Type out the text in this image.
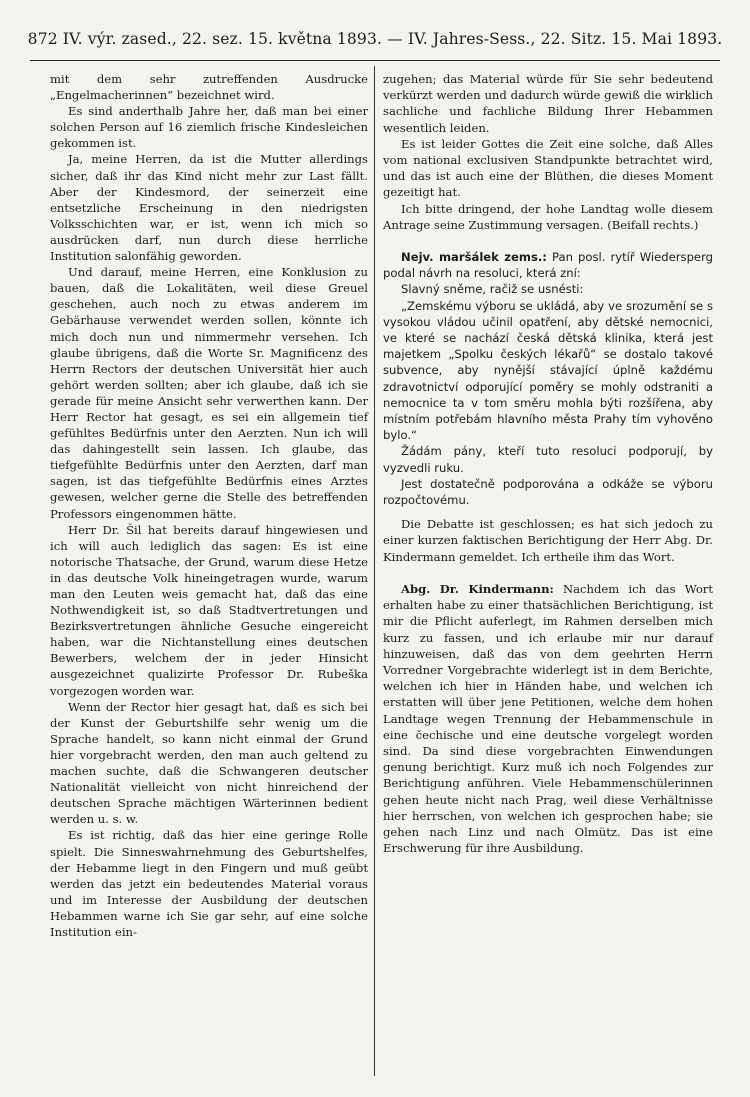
872 IV. výr. zased., 22. sez. 15. května 1893. — IV. Jahres-Sess., 22. Sitz. 15. Mai 1893.

mit dem sehr zutreffenden Ausdrucke „Engelmacherinnen“ bezeichnet wird.

Es sind anderthalb Jahre her, daß man bei einer solchen Person auf 16 ziemlich frische Kindesleichen gekommen ist.

Ja, meine Herren, da ist die Mutter allerdings sicher, daß ihr das Kind nicht mehr zur Last fällt. Aber der Kindesmord, der seinerzeit eine entsetzliche Erscheinung in den niedrigsten Volksschichten war, er ist, wenn ich mich so ausdrücken darf, nun durch diese herrliche Institution salonfähig geworden.

Und darauf, meine Herren, eine Konklusion zu bauen, daß die Lokalitäten, weil diese Greuel geschehen, auch noch zu etwas anderem im Gebärhause verwendet werden sollen, könnte ich mich doch nun und nimmermehr versehen. Ich glaube übrigens, daß die Worte Sr. Magnificenz des Herrn Rectors der deutschen Universität hier auch gehört werden sollten; aber ich glaube, daß ich sie gerade für meine Ansicht sehr verwerthen kann. Der Herr Rector hat gesagt, es sei ein allgemein tief gefühltes Bedürfnis unter den Aerzten. Nun ich will das dahingestellt sein lassen. Ich glaube, das tiefgefühlte Bedürfnis unter den Aerzten, darf man sagen, ist das tiefgefühlte Bedürfnis eines Arztes gewesen, welcher gerne die Stelle des betreffenden Professors eingenommen hätte.

Herr Dr. Šil hat bereits darauf hingewiesen und ich will auch lediglich das sagen: Es ist eine notorische Thatsache, der Grund, warum diese Hetze in das deutsche Volk hineingetragen wurde, warum man den Leuten weis gemacht hat, daß das eine Nothwendigkeit ist, so daß Stadtvertretungen und Bezirksvertretungen ähnliche Gesuche eingereicht haben, war die Nichtanstellung eines deutschen Bewerbers, welchem der in jeder Hinsicht ausgezeichnet qualizirte Professor Dr. Rubeška vorgezogen worden war.

Wenn der Rector hier gesagt hat, daß es sich bei der Kunst der Geburtshilfe sehr wenig um die Sprache handelt, so kann nicht einmal der Grund hier vorgebracht werden, den man auch geltend zu machen suchte, daß die Schwangeren deutscher Nationalität vielleicht von nicht hinreichend der deutschen Sprache mächtigen Wärterinnen bedient werden u. s. w.

Es ist richtig, daß das hier eine geringe Rolle spielt. Die Sinneswahrnehmung des Geburtshelfes, der Hebamme liegt in den Fingern und muß geübt werden das jetzt ein bedeutendes Material voraus und im Interesse der Ausbildung der deutschen Hebammen warne ich Sie gar sehr, auf eine solche Institution ein-

zugehen; das Material würde für Sie sehr bedeutend verkürzt werden und dadurch würde gewiß die wirklich sachliche und fachliche Bildung Ihrer Hebammen wesentlich leiden.

Es ist leider Gottes die Zeit eine solche, daß Alles vom national exclusiven Standpunkte betrachtet wird, und das ist auch eine der Blüthen, die dieses Moment gezeitigt hat.

Ich bitte dringend, der hohe Landtag wolle diesem Antrage seine Zustimmung versagen. (Beifall rechts.)

Nejv. maršálek zems.: Pan posl. rytíř Wiedersperg podal návrh na resoluci, která zní:

Slavný sněme, račiž se usnésti:

„Zemskému výboru se ukládá, aby ve srozumění se s vysokou vládou učinil opatření, aby dětské nemocnici, ve které se nachází česká dětská klinika, která jest majetkem „Spolku českých lékařů“ se dostalo takové subvence, aby nynější stávající úplně každému zdravotnictví odporující poměry se mohly odstraniti a nemocnice ta v tom směru mohla býti rozšířena, aby místním potřebám hlavního města Prahy tím vyhověno bylo.“

Žádám pány, kteří tuto resoluci podporují, by vyzvedli ruku.

Jest dostatečně podporována a odkáže se výboru rozpočtovému.

Die Debatte ist geschlossen; es hat sich jedoch zu einer kurzen faktischen Berichtigung der Herr Abg. Dr. Kindermann gemeldet. Ich ertheile ihm das Wort.

Abg. Dr. Kindermann: Nachdem ich das Wort erhalten habe zu einer thatsächlichen Berichtigung, ist mir die Pflicht auferlegt, im Rahmen derselben mich kurz zu fassen, und ich erlaube mir nur darauf hinzuweisen, daß das von dem geehrten Herrn Vorredner Vorgebrachte widerlegt ist in dem Berichte, welchen ich hier in Händen habe, und welchen ich erstatten will über jene Petitionen, welche dem hohen Landtage wegen Trennung der Hebammenschule in eine čechische und eine deutsche vorgelegt worden sind. Da sind diese vorgebrachten Einwendungen genung berichtigt. Kurz muß ich noch Folgendes zur Berichtigung anführen. Viele Hebammenschülerinnen gehen heute nicht nach Prag, weil diese Verhältnisse hier herrschen, von welchen ich gesprochen habe; sie gehen nach Linz und nach Olmütz. Das ist eine Erschwerung für ihre Ausbildung.
